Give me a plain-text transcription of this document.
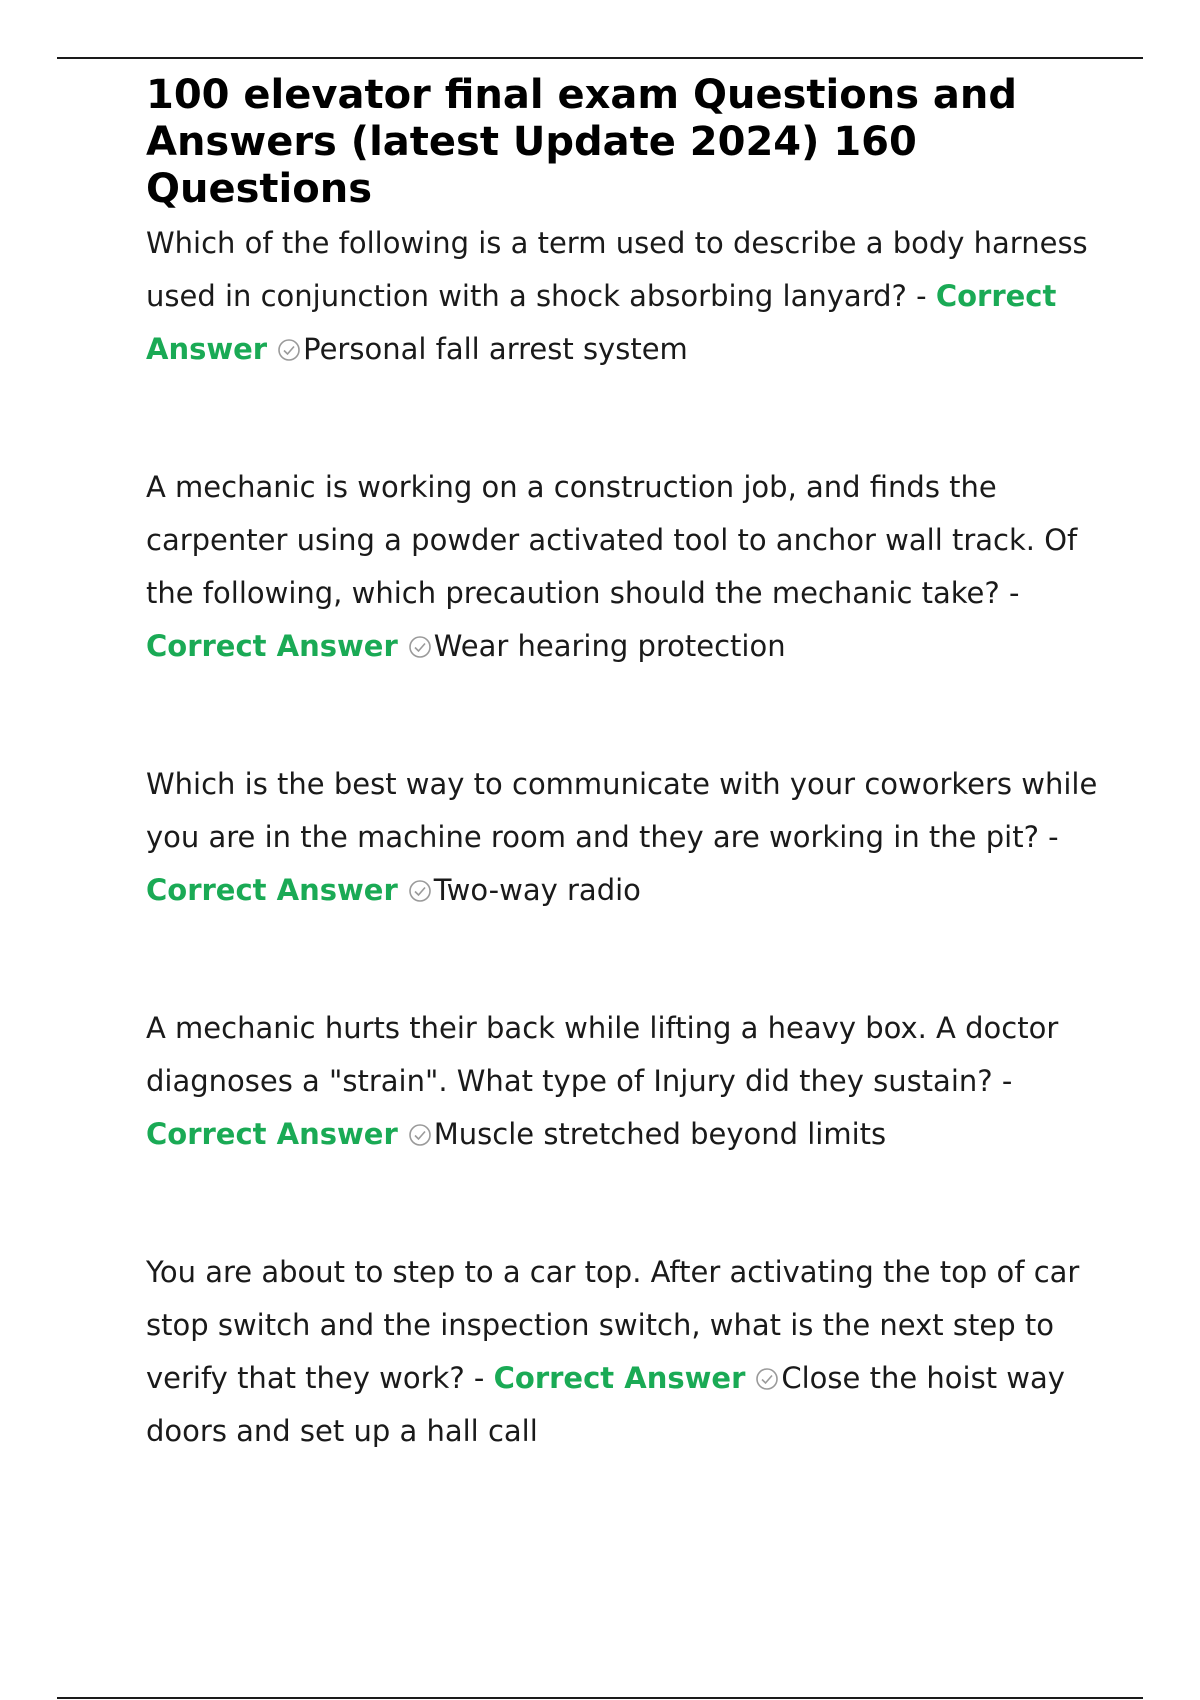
100 elevator final exam Questions and Answers (latest Update 2024) 160 Questions

Which of the following is a term used to describe a body harness used in conjunction with a shock absorbing lanyard? - Correct Answer Personal fall arrest system

A mechanic is working on a construction job, and finds the carpenter using a powder activated tool to anchor wall track. Of the following, which precaution should the mechanic take? - Correct Answer Wear hearing protection

Which is the best way to communicate with your coworkers while you are in the machine room and they are working in the pit? - Correct Answer Two-way radio

A mechanic hurts their back while lifting a heavy box. A doctor diagnoses a "strain". What type of Injury did they sustain? - Correct Answer Muscle stretched beyond limits

You are about to step to a car top. After activating the top of car stop switch and the inspection switch, what is the next step to verify that they work? - Correct Answer Close the hoist way doors and set up a hall call
